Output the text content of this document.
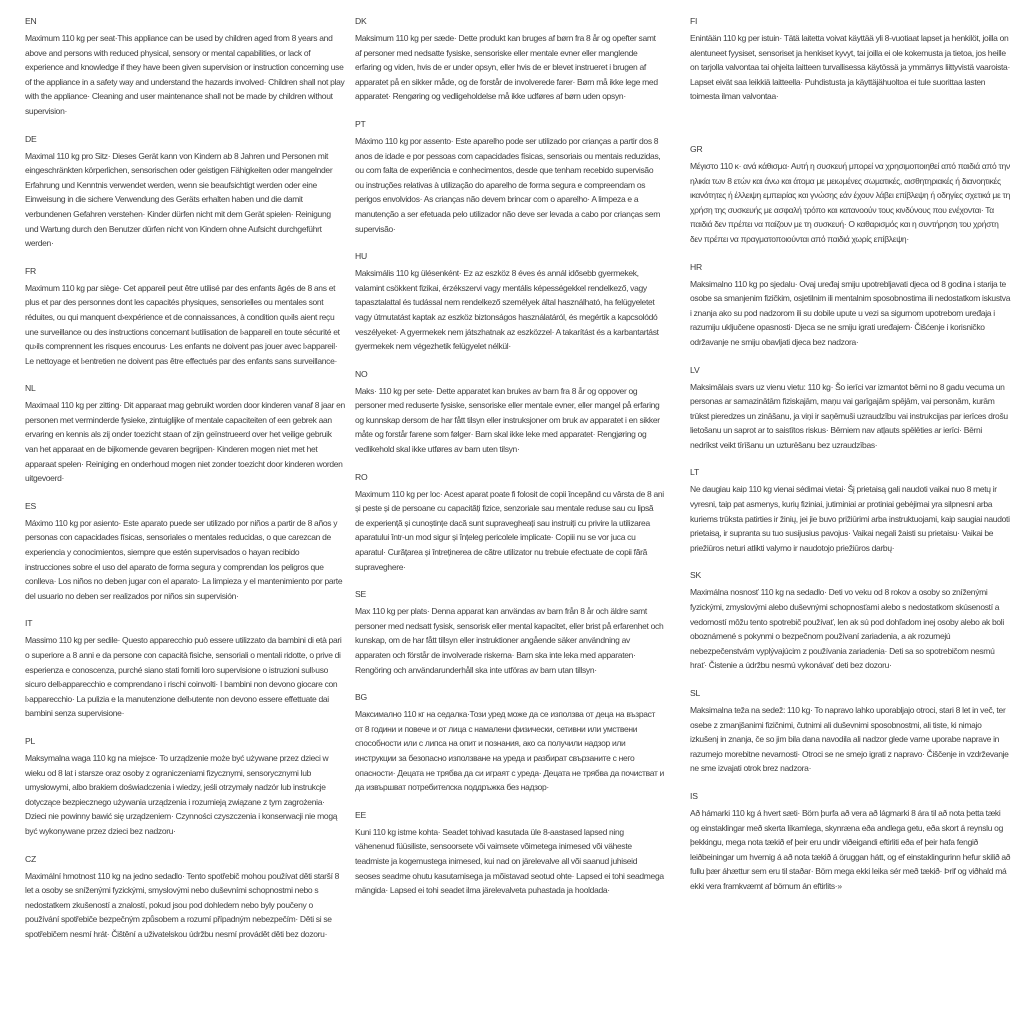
EN
Maximum 110 kg per seat·This appliance can be used by children aged from 8 years and above and persons with reduced physical, sensory or mental capabilities, or lack of experience and knowledge if they have been given supervision or instruction concerning use of the appliance in a safety way and understand the hazards involved· Children shall not play with the appliance· Cleaning and user maintenance shall not be made by children without supervision·
DE
Maximal 110 kg pro Sitz· Dieses Gerät kann von Kindern ab 8 Jahren und Personen mit eingeschränkten körperlichen, sensorischen oder geistigen Fähigkeiten oder mangelnder Erfahrung und Kenntnis verwendet werden, wenn sie beaufsichtigt werden oder eine Einweisung in die sichere Verwendung des Geräts erhalten haben und die damit verbundenen Gefahren verstehen· Kinder dürfen nicht mit dem Gerät spielen· Reinigung und Wartung durch den Benutzer dürfen nicht von Kindern ohne Aufsicht durchgeführt werden·
FR
Maximum 110 kg par siège· Cet appareil peut être utilisé par des enfants âgés de 8 ans et plus et par des personnes dont les capacités physiques, sensorielles ou mentales sont réduites, ou qui manquent d›expérience et de connaissances, à condition qu›ils aient reçu une surveillance ou des instructions concernant l›utilisation de l›appareil en toute sécurité et qu›ils comprennent les risques encourus· Les enfants ne doivent pas jouer avec l›appareil· Le nettoyage et l›entretien ne doivent pas être effectués par des enfants sans surveillance·
NL
Maximaal 110 kg per zitting· Dit apparaat mag gebruikt worden door kinderen vanaf 8 jaar en personen met verminderde fysieke, zintuiglijke of mentale capaciteiten of een gebrek aan ervaring en kennis als zij onder toezicht staan of zijn geïnstrueerd over het veilige gebruik van het apparaat en de bijkomende gevaren begrijpen· Kinderen mogen niet met het apparaat spelen· Reiniging en onderhoud mogen niet zonder toezicht door kinderen worden uitgevoerd·
ES
Máximo 110 kg por asiento· Este aparato puede ser utilizado por niños a partir de 8 años y personas con capacidades físicas, sensoriales o mentales reducidas, o que carezcan de experiencia y conocimientos, siempre que estén supervisados o hayan recibido instrucciones sobre el uso del aparato de forma segura y comprendan los peligros que conlleva· Los niños no deben jugar con el aparato· La limpieza y el mantenimiento por parte del usuario no deben ser realizados por niños sin supervisión·
IT
Massimo 110 kg per sedile· Questo apparecchio può essere utilizzato da bambini di età pari o superiore a 8 anni e da persone con capacità fisiche, sensoriali o mentali ridotte, o prive di esperienza e conoscenza, purché siano stati forniti loro supervisione o istruzioni sull›uso sicuro dell›apparecchio e comprendano i rischi coinvolti· I bambini non devono giocare con l›apparecchio· La pulizia e la manutenzione dell›utente non devono essere effettuate dai bambini senza supervisione·
PL
Maksymalna waga 110 kg na miejsce· To urządzenie może być używane przez dzieci w wieku od 8 lat i starsze oraz osoby z ograniczeniami fizycznymi, sensorycznymi lub umysłowymi, albo brakiem doświadczenia i wiedzy, jeśli otrzymały nadzór lub instrukcje dotyczące bezpiecznego używania urządzenia i rozumieją związane z tym zagrożenia· Dzieci nie powinny bawić się urządzeniem· Czynności czyszczenia i konserwacji nie mogą być wykonywane przez dzieci bez nadzoru·
CZ
Maximální hmotnost 110 kg na jedno sedadlo· Tento spotřebič mohou používat děti starší 8 let a osoby se sníženými fyzickými, smyslovými nebo duševními schopnostmi nebo s nedostatkem zkušeností a znalostí, pokud jsou pod dohledem nebo byly poučeny o používání spotřebiče bezpečným způsobem a rozumí případným nebezpečím· Děti si se spotřebičem nesmí hrát· Čištění a uživatelskou údržbu nesmí provádět děti bez dozoru·
DK
Maksimum 110 kg per sæde· Dette produkt kan bruges af børn fra 8 år og opefter samt af personer med nedsatte fysiske, sensoriske eller mentale evner eller manglende erfaring og viden, hvis de er under opsyn, eller hvis de er blevet instrueret i brugen af apparatet på en sikker måde, og de forstår de involverede farer· Børn må ikke lege med apparatet· Rengøring og vedligeholdelse må ikke udføres af børn uden opsyn·
PT
Máximo 110 kg por assento· Este aparelho pode ser utilizado por crianças a partir dos 8 anos de idade e por pessoas com capacidades físicas, sensoriais ou mentais reduzidas, ou com falta de experiência e conhecimentos, desde que tenham recebido supervisão ou instruções relativas à utilização do aparelho de forma segura e compreendam os perigos envolvidos· As crianças não devem brincar com o aparelho· A limpeza e a manutenção a ser efetuada pelo utilizador não deve ser levada a cabo por crianças sem supervisão·
HU
Maksimális 110 kg ülésenként· Ez az eszköz 8 éves és annál idősebb gyermekek, valamint csökkent fizikai, érzékszervi vagy mentális képességekkel rendelkező, vagy tapasztalattal és tudással nem rendelkező személyek által használható, ha felügyeletet vagy útmutatást kaptak az eszköz biztonságos használatáról, és megértik a kapcsolódó veszélyeket· A gyermekek nem játszhatnak az eszközzel· A takarítást és a karbantartást gyermekek nem végezhetik felügyelet nélkül·
NO
Maks· 110 kg per sete· Dette apparatet kan brukes av barn fra 8 år og oppover og personer med reduserte fysiske, sensoriske eller mentale evner, eller mangel på erfaring og kunnskap dersom de har fått tilsyn eller instruksjoner om bruk av apparatet i en sikker måte og forstår farene som følger· Barn skal ikke leke med apparatet· Rengjøring og vedlikehold skal ikke utføres av barn uten tilsyn·
RO
Maximum 110 kg per loc· Acest aparat poate fi folosit de copii începând cu vârsta de 8 ani și peste și de persoane cu capacități fizice, senzoriale sau mentale reduse sau cu lipsă de experiență și cunoștințe dacă sunt supravegheați sau instruiți cu privire la utilizarea aparatului într-un mod sigur și înțeleg pericolele implicate· Copiii nu se vor juca cu aparatul· Curățarea și întreținerea de către utilizator nu trebuie efectuate de copii fără supraveghere·
SE
Max 110 kg per plats· Denna apparat kan användas av barn från 8 år och äldre samt personer med nedsatt fysisk, sensorisk eller mental kapacitet, eller brist på erfarenhet och kunskap, om de har fått tillsyn eller instruktioner angående säker användning av apparaten och förstår de involverade riskerna· Barn ska inte leka med apparaten· Rengöring och användarunderhåll ska inte utföras av barn utan tillsyn·
BG
Максимално 110 кг на седалка·Този уред може да се използва от деца на възраст от 8 години и повече и от лица с намалени физически, сетивни или умствени способности или с липса на опит и познания, ако са получили надзор или инструкции за безопасно използване на уреда и разбират свързаните с него опасности· Децата не трябва да си играят с уреда· Децата не трябва да почистват и да извършват потребителска поддръжка без надзор·
EE
Kuni 110 kg istme kohta· Seadet tohivad kasutada üle 8-aastased lapsed ning vähenenud füüsiliste, sensoorsete või vaimsete võimetega inimesed või väheste teadmiste ja kogemustega inimesed, kui nad on järelevalve all või saanud juhiseid seoses seadme ohutu kasutamisega ja mõistavad seotud ohte· Lapsed ei tohi seadmega mängida· Lapsed ei tohi seadet ilma järelevalveta puhastada ja hooldada·
FI
Enintään 110 kg per istuin· Tätä laitetta voivat käyttää yli 8-vuotiaat lapset ja henkilöt, joilla on alentuneet fyysiset, sensoriset ja henkiset kyvyt, tai joilla ei ole kokemusta ja tietoa, jos heille on tarjolla valvontaa tai ohjeita laitteen turvallisessa käytössä ja ymmärrys liittyvistä vaaroista· Lapset eivät saa leikkiä laitteella· Puhdistusta ja käyttäjähuoltoa ei tule suorittaa lasten toimesta ilman valvontaa·
GR
Μέγιστο 110 κ· ανά κάθισμα· Αυτή η συσκευή μπορεί να χρησιμοποιηθεί από παιδιά από την ηλικία των 8 ετών και άνω και άτομα με μειωμένες σωματικές, αισθητηριακές ή διανοητικές ικανότητες ή έλλειψη εμπειρίας και γνώσης εάν έχουν λάβει επίβλεψη ή οδηγίες σχετικά με τη χρήση της συσκευής με ασφαλή τρόπο και κατανοούν τους κινδύνους που ενέχονται· Τα παιδιά δεν πρέπει να παίζουν με τη συσκευή· Ο καθαρισμός και η συντήρηση του χρήστη δεν πρέπει να πραγματοποιούνται από παιδιά χωρίς επίβλεψη·
HR
Maksimalno 110 kg po sjedalu· Ovaj uređaj smiju upotrebljavati djeca od 8 godina i starija te osobe sa smanjenim fizičkim, osjetilnim ili mentalnim sposobnostima ili nedostatkom iskustva i znanja ako su pod nadzorom ili su dobile upute u vezi sa sigurnom upotrebom uređaja i razumiju uključene opasnosti· Djeca se ne smiju igrati uređajem· Čišćenje i korisničko održavanje ne smiju obavljati djeca bez nadzora·
LV
Maksimālais svars uz vienu vietu: 110 kg· Šo ierīci var izmantot bērni no 8 gadu vecuma un personas ar samazinātām fiziskajām, maņu vai garīgajām spējām, vai personām, kurām trūkst pieredzes un zināšanu, ja viņi ir saņēmuši uzraudzību vai instrukcijas par ierīces drošu lietošanu un saprot ar to saistītos riskus· Bērniem nav atļauts spēlēties ar ierīci· Bērni nedrīkst veikt tīrīšanu un uzturēšanu bez uzraudzības·
LT
Ne daugiau kaip 110 kg vienai sėdimai vietai· Šį prietaisą gali naudoti vaikai nuo 8 metų ir vyresni, taip pat asmenys, kurių fiziniai, jutiminiai ar protiniai gebėjimai yra silpnesni arba kuriems trūksta patirties ir žinių, jei jie buvo prižiūrimi arba instruktuojami, kaip saugiai naudoti prietaisą, ir supranta su tuo susijusius pavojus· Vaikai negali žaisti su prietaisu· Vaikai be priežiūros neturi atlikti valymo ir naudotojo priežiūros darbų·
SK
Maximálna nosnosť 110 kg na sedadlo· Deti vo veku od 8 rokov a osoby so zníženými fyzickými, zmyslovými alebo duševnými schopnosťami alebo s nedostatkom skúseností a vedomostí môžu tento spotrebič používať, len ak sú pod dohľadom inej osoby alebo ak boli oboznámené s pokynmi o bezpečnom používaní zariadenia, a ak rozumejú nebezpečenstvám vyplývajúcim z používania zariadenia· Deti sa so spotrebičom nesmú hrať· Čistenie a údržbu nesmú vykonávať deti bez dozoru·
SL
Maksimalna teža na sedež: 110 kg· To napravo lahko uporabljajo otroci, stari 8 let in več, ter osebe z zmanjšanimi fizičnimi, čutnimi ali duševnimi sposobnostmi, ali tiste, ki nimajo izkušenj in znanja, če so jim bila dana navodila ali nadzor glede varne uporabe naprave in razumejo morebitne nevarnosti· Otroci se ne smejo igrati z napravo· Čiščenje in vzdrževanje ne sme izvajati otrok brez nadzora·
IS
Að hámarki 110 kg á hvert sæti· Börn þurfa að vera að lágmarki 8 ára til að nota þetta tæki og einstaklingar með skerta líkamlega, skynræna eða andlega getu, eða skort á reynslu og þekkingu, mega nota tækið ef þeir eru undir viðeigandi eftirliti eða ef þeir hafa fengið leiðbeiningar um hvernig á að nota tækið á öruggan hátt, og ef einstaklingurinn hefur skilið að fullu þær áhættur sem eru til staðar· Börn mega ekki leika sér með tækið· Þrif og viðhald má ekki vera framkvæmt af börnum án eftirlits·»
